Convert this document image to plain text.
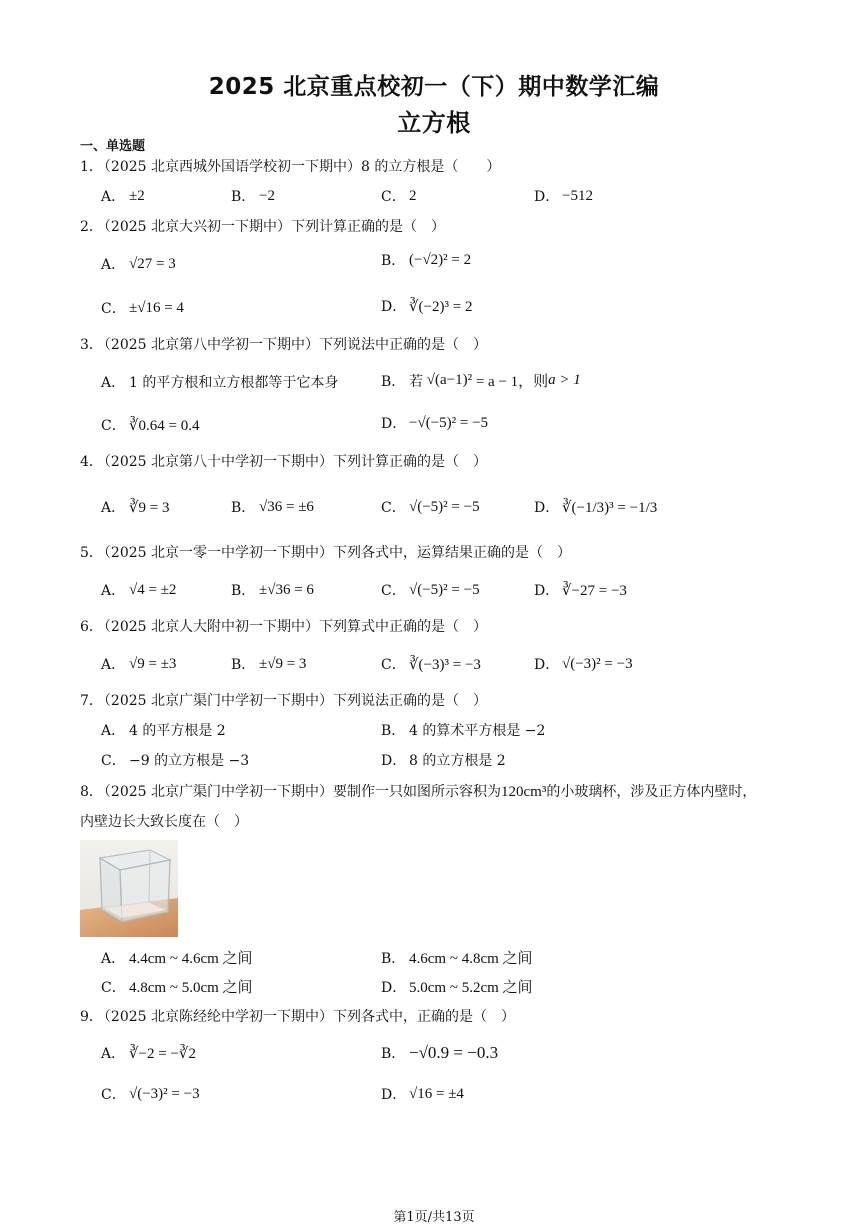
2025 北京重点校初一（下）期中数学汇编
立方根
一、单选题
1．（2025 北京西城外国语学校初一下期中）8 的立方根是（　　）
A． ±2	B． −2	C． 2	D． −512
2．（2025 北京大兴初一下期中）下列计算正确的是（　）
A． √27 = 3	B． (−√2)² = 2
C． ±√16 = 4	D． ∛(−2)³ = 2
3．（2025 北京第八中学初一下期中）下列说法中正确的是（　）
A． 1 的平方根和立方根都等于它本身	B． 若 √(a−1)² = a − 1，则 a > 1
C． ∛0.64 = 0.4	D． −√(−5)² = −5
4．（2025 北京第八十中学初一下期中）下列计算正确的是（　）
A． ∛9 = 3	B． √36 = ±6	C． √(−5)² = −5	D． ∛(−1/3)³ = −1/3
5．（2025 北京一零一中学初一下期中）下列各式中，运算结果正确的是（　）
A． √4 = ±2	B． ±√36 = 6	C． √(−5)² = −5	D． ∛−27 = −3
6．（2025 北京人大附中初一下期中）下列算式中正确的是（　）
A． √9 = ±3	B． ±√9 = 3	C． ∛(−3)³ = −3	D． √(−3)² = −3
7．（2025 北京广渠门中学初一下期中）下列说法正确的是（　）
A． 4 的平方根是 2	B． 4 的算术平方根是 −2
C． −9 的立方根是 −3	D． 8 的立方根是 2
8．（2025 北京广渠门中学初一下期中）要制作一只如图所示容积为120cm³的小玻璃杯，涉及正方体内壁时，
内壁边长大致长度在（　）
A． 4.4cm ~ 4.6cm 之间	B． 4.6cm ~ 4.8cm 之间
C． 4.8cm ~ 5.0cm 之间	D． 5.0cm ~ 5.2cm 之间
9．（2025 北京陈经纶中学初一下期中）下列各式中，正确的是（　）
A． ∛−2 = −∛2	B． −√0.9 = −0.3
C． √(−3)² = −3	D． √16 = ±4
第1页/共13页
